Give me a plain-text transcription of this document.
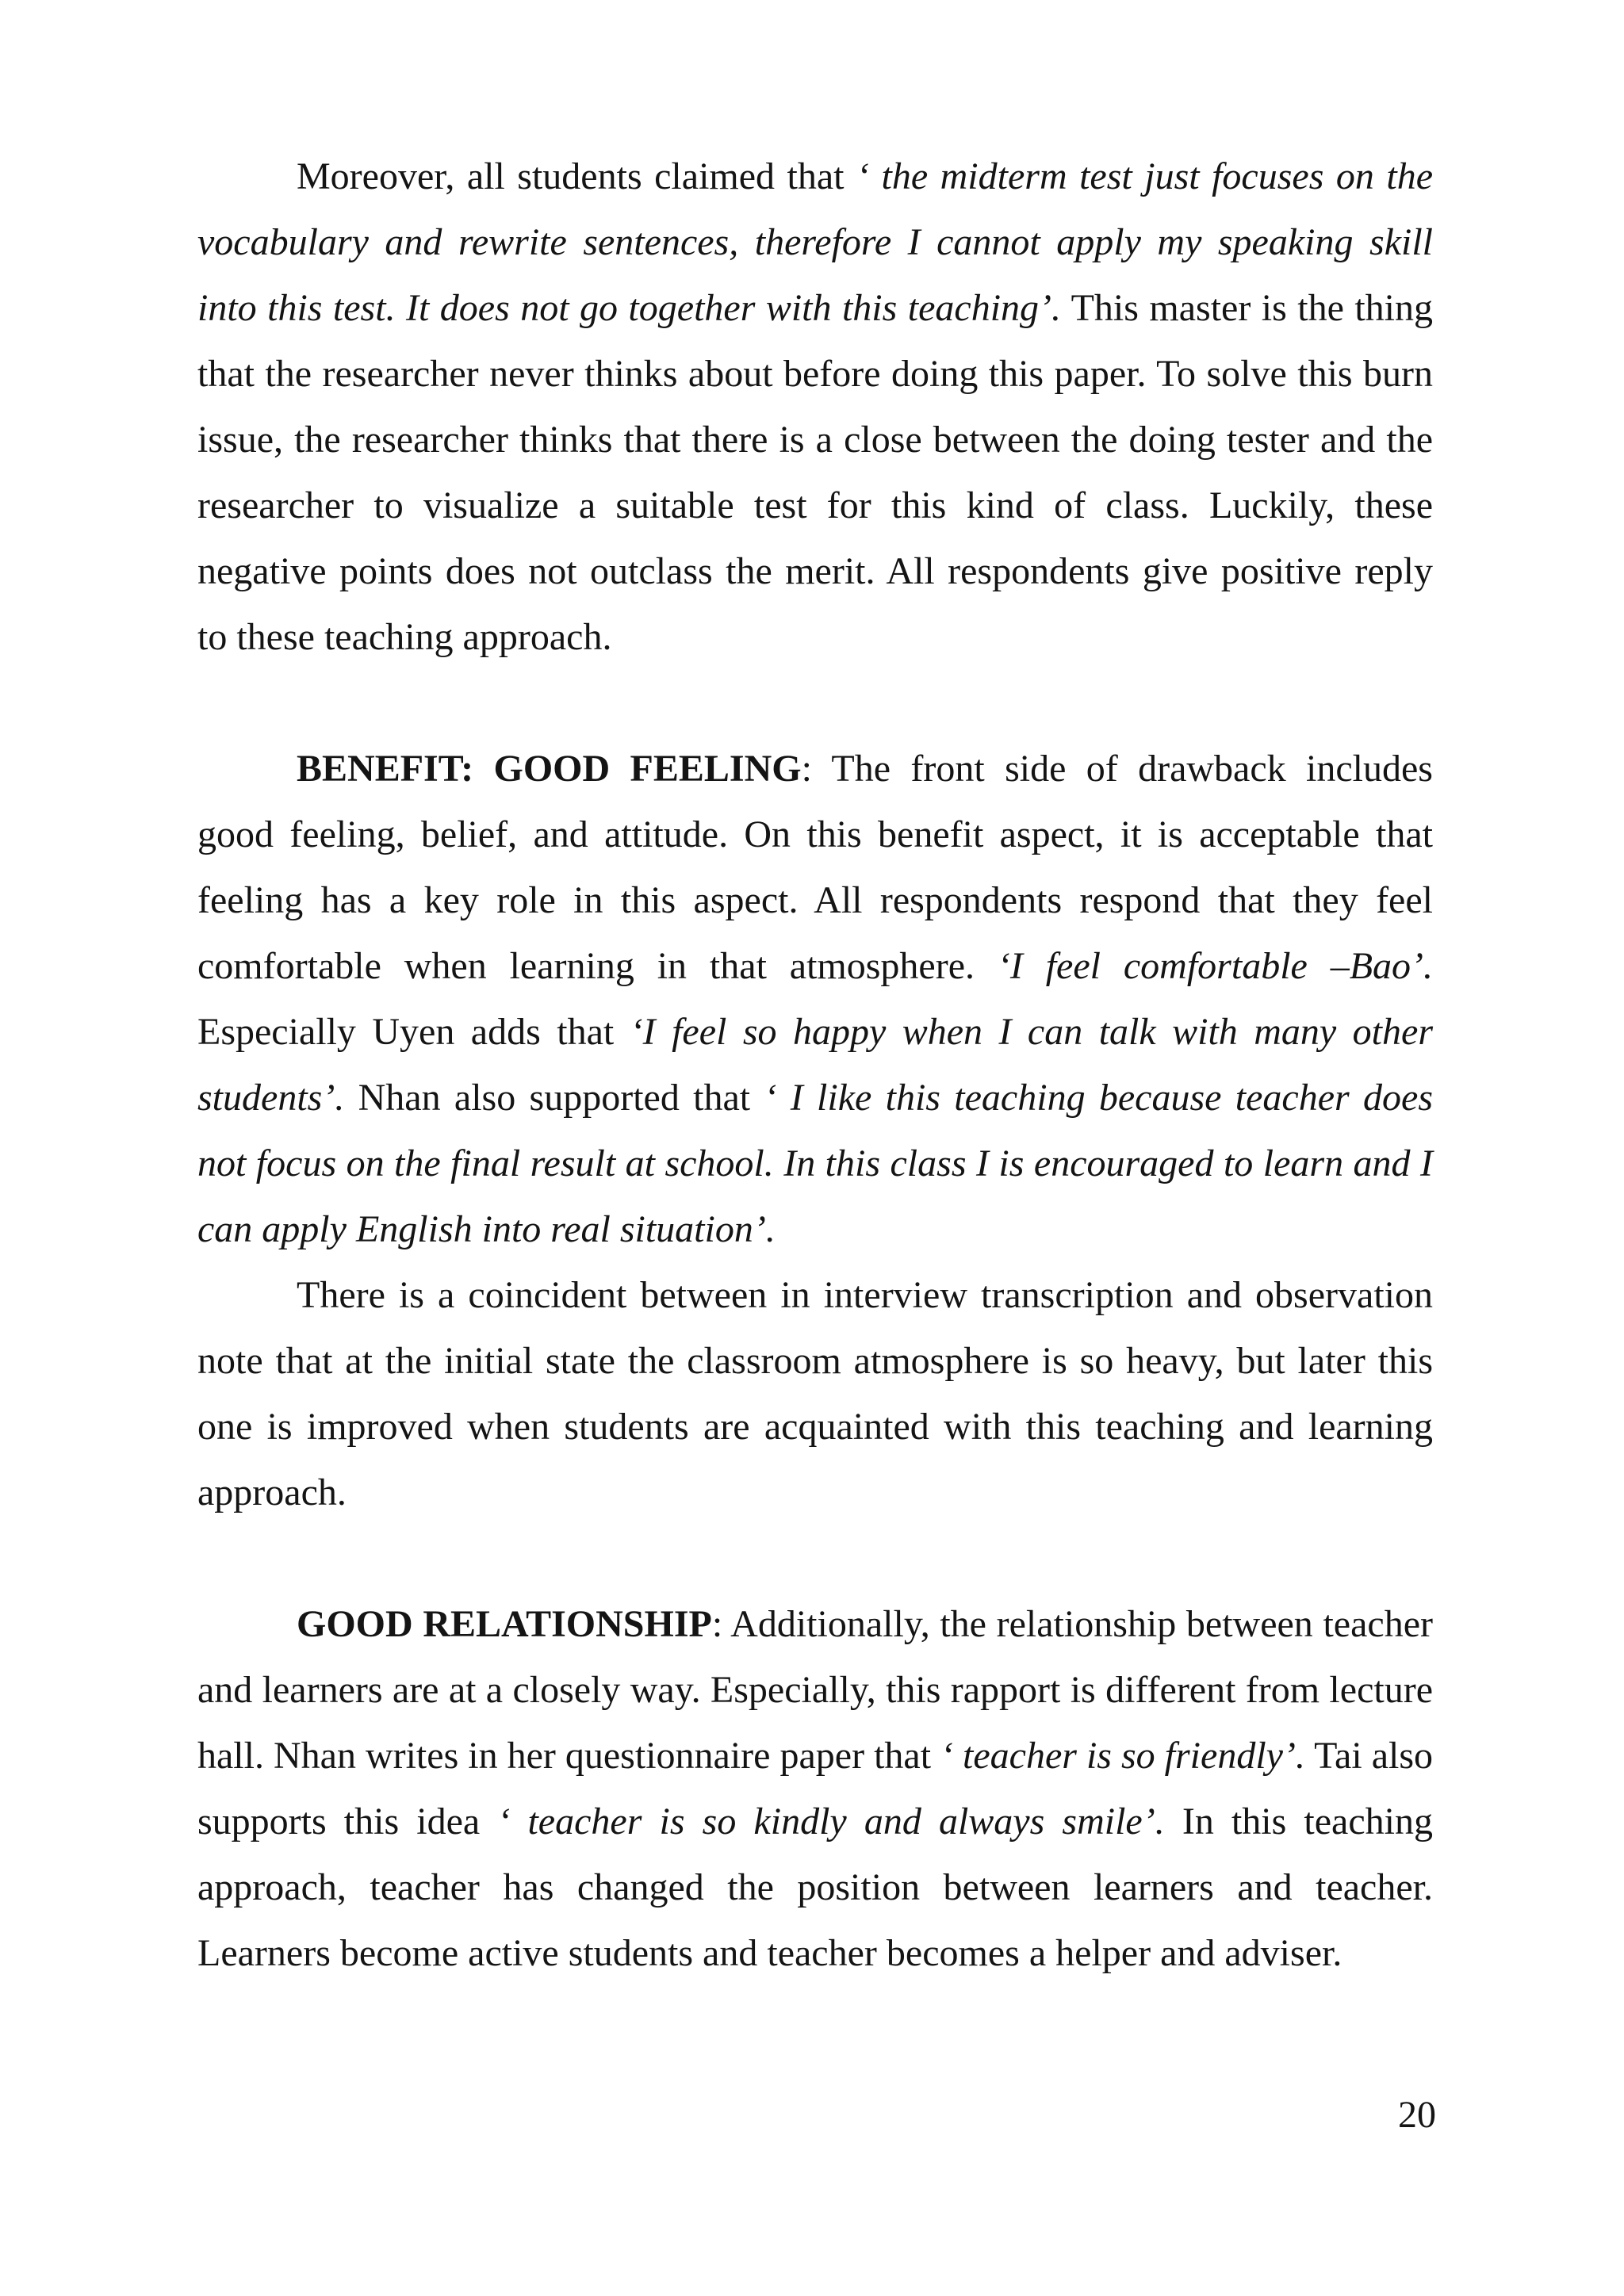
Moreover, all students claimed that ‘ the midterm test just focuses on the vocabulary and rewrite sentences, therefore I cannot apply my speaking skill into this test. It does not go together with this teaching’. This master is the thing that the researcher never thinks about before doing this paper. To solve this burn issue, the researcher thinks that there is a close between the doing tester and the researcher to visualize a suitable test for this kind of class. Luckily, these negative points does not outclass the merit. All respondents give positive reply to these teaching approach.

BENEFIT: GOOD FEELING: The front side of drawback includes good feeling, belief, and attitude. On this benefit aspect, it is acceptable that feeling has a key role in this aspect. All respondents respond that they feel comfortable when learning in that atmosphere. ‘I feel comfortable –Bao’. Especially Uyen adds that ‘I feel so happy when I can talk with many other students’. Nhan also supported that ‘ I like this teaching because teacher does not focus on the final result at school. In this class I is encouraged to learn and I can apply English into real situation’.

There is a coincident between in interview transcription and observation note that at the initial state the classroom atmosphere is so heavy, but later this one is improved when students are acquainted with this teaching and learning approach.

GOOD RELATIONSHIP: Additionally, the relationship between teacher and learners are at a closely way. Especially, this rapport is different from lecture hall. Nhan writes in her questionnaire paper that ‘ teacher is so friendly’. Tai also supports this idea ‘ teacher is so kindly and always smile’. In this teaching approach, teacher has changed the position between learners and teacher. Learners become active students and teacher becomes a helper and adviser.

20
